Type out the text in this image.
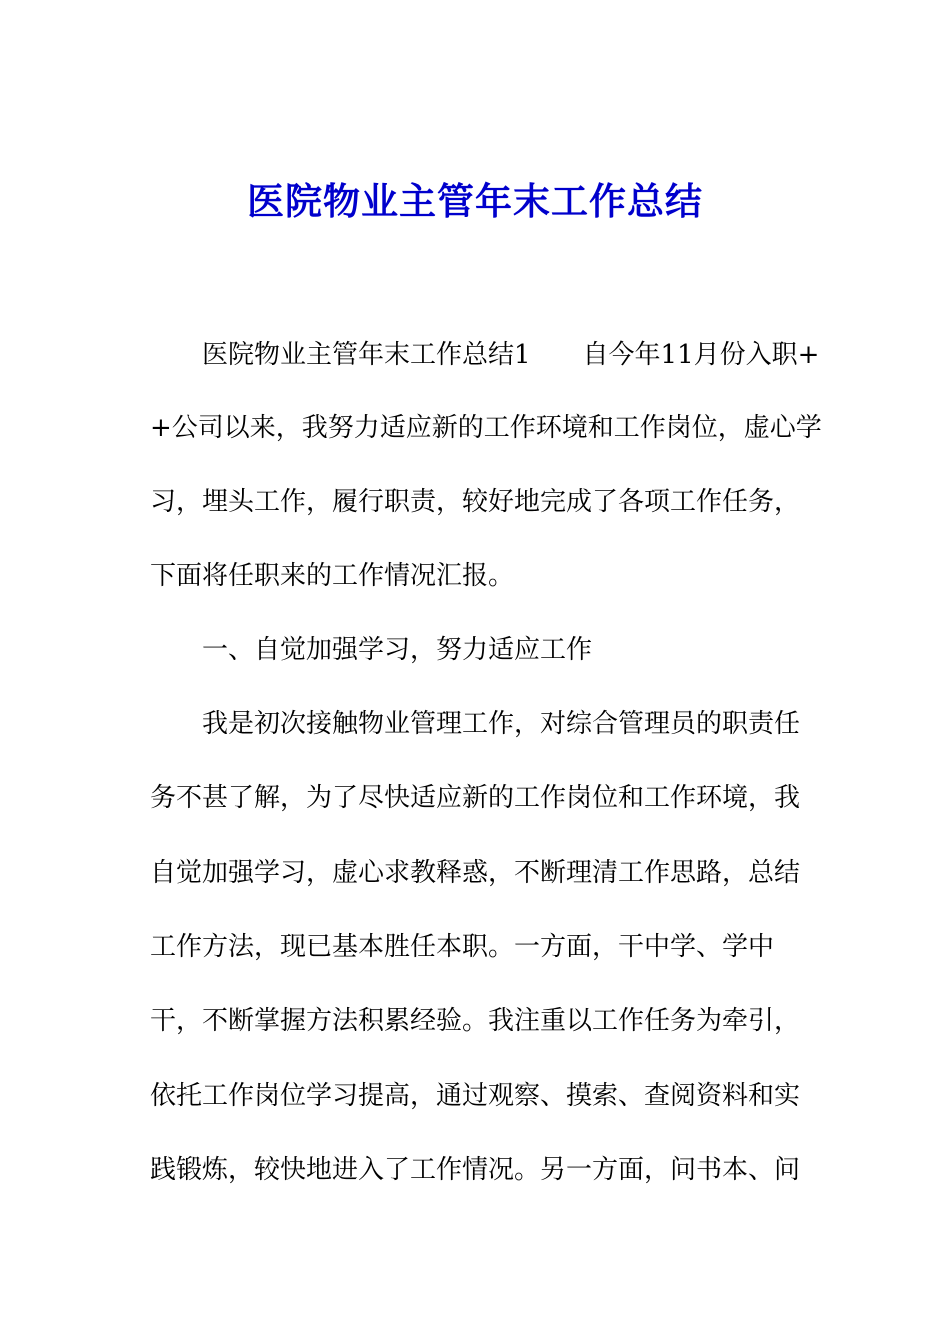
医院物业主管年末工作总结
医院物业主管年末工作总结1 自今年11月份入职+
+公司以来，我努力适应新的工作环境和工作岗位，虚心学
习，埋头工作，履行职责，较好地完成了各项工作任务，
下面将任职来的工作情况汇报。
一、自觉加强学习，努力适应工作
我是初次接触物业管理工作，对综合管理员的职责任
务不甚了解，为了尽快适应新的工作岗位和工作环境，我
自觉加强学习，虚心求教释惑，不断理清工作思路，总结
工作方法，现已基本胜任本职。一方面，干中学、学中
干，不断掌握方法积累经验。我注重以工作任务为牵引，
依托工作岗位学习提高，通过观察、摸索、查阅资料和实
践锻炼，较快地进入了工作情况。另一方面，问书本、问
